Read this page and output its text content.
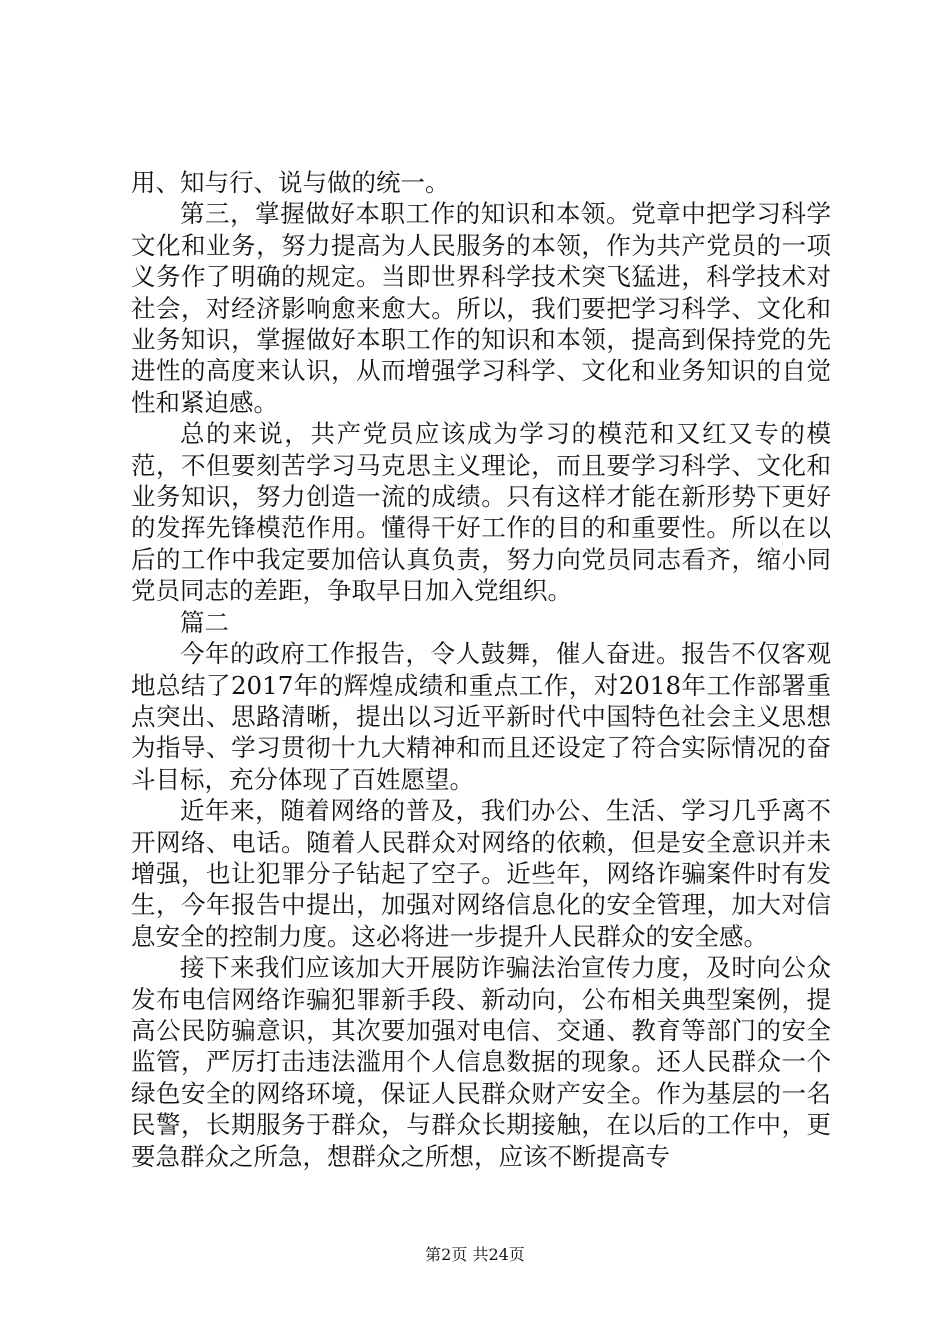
用、知与行、说与做的统一。

第三，掌握做好本职工作的知识和本领。党章中把学习科学文化和业务，努力提高为人民服务的本领，作为共产党员的一项义务作了明确的规定。当即世界科学技术突飞猛进，科学技术对社会，对经济影响愈来愈大。所以，我们要把学习科学、文化和业务知识，掌握做好本职工作的知识和本领，提高到保持党的先进性的高度来认识，从而增强学习科学、文化和业务知识的自觉性和紧迫感。

总的来说，共产党员应该成为学习的模范和又红又专的模范，不但要刻苦学习马克思主义理论，而且要学习科学、文化和业务知识，努力创造一流的成绩。只有这样才能在新形势下更好的发挥先锋模范作用。懂得干好工作的目的和重要性。所以在以后的工作中我定要加倍认真负责，努力向党员同志看齐，缩小同党员同志的差距，争取早日加入党组织。

篇二

今年的政府工作报告，令人鼓舞，催人奋进。报告不仅客观地总结了2017年的辉煌成绩和重点工作，对2018年工作部署重点突出、思路清晰，提出以习近平新时代中国特色社会主义思想为指导、学习贯彻十九大精神和而且还设定了符合实际情况的奋斗目标，充分体现了百姓愿望。

近年来，随着网络的普及，我们办公、生活、学习几乎离不开网络、电话。随着人民群众对网络的依赖，但是安全意识并未增强，也让犯罪分子钻起了空子。近些年，网络诈骗案件时有发生，今年报告中提出，加强对网络信息化的安全管理，加大对信息安全的控制力度。这必将进一步提升人民群众的安全感。

接下来我们应该加大开展防诈骗法治宣传力度，及时向公众发布电信网络诈骗犯罪新手段、新动向，公布相关典型案例，提高公民防骗意识，其次要加强对电信、交通、教育等部门的安全监管，严厉打击违法滥用个人信息数据的现象。还人民群众一个绿色安全的网络环境，保证人民群众财产安全。作为基层的一名民警，长期服务于群众，与群众长期接触，在以后的工作中，更要急群众之所急，想群众之所想，应该不断提高专

第2页 共24页
